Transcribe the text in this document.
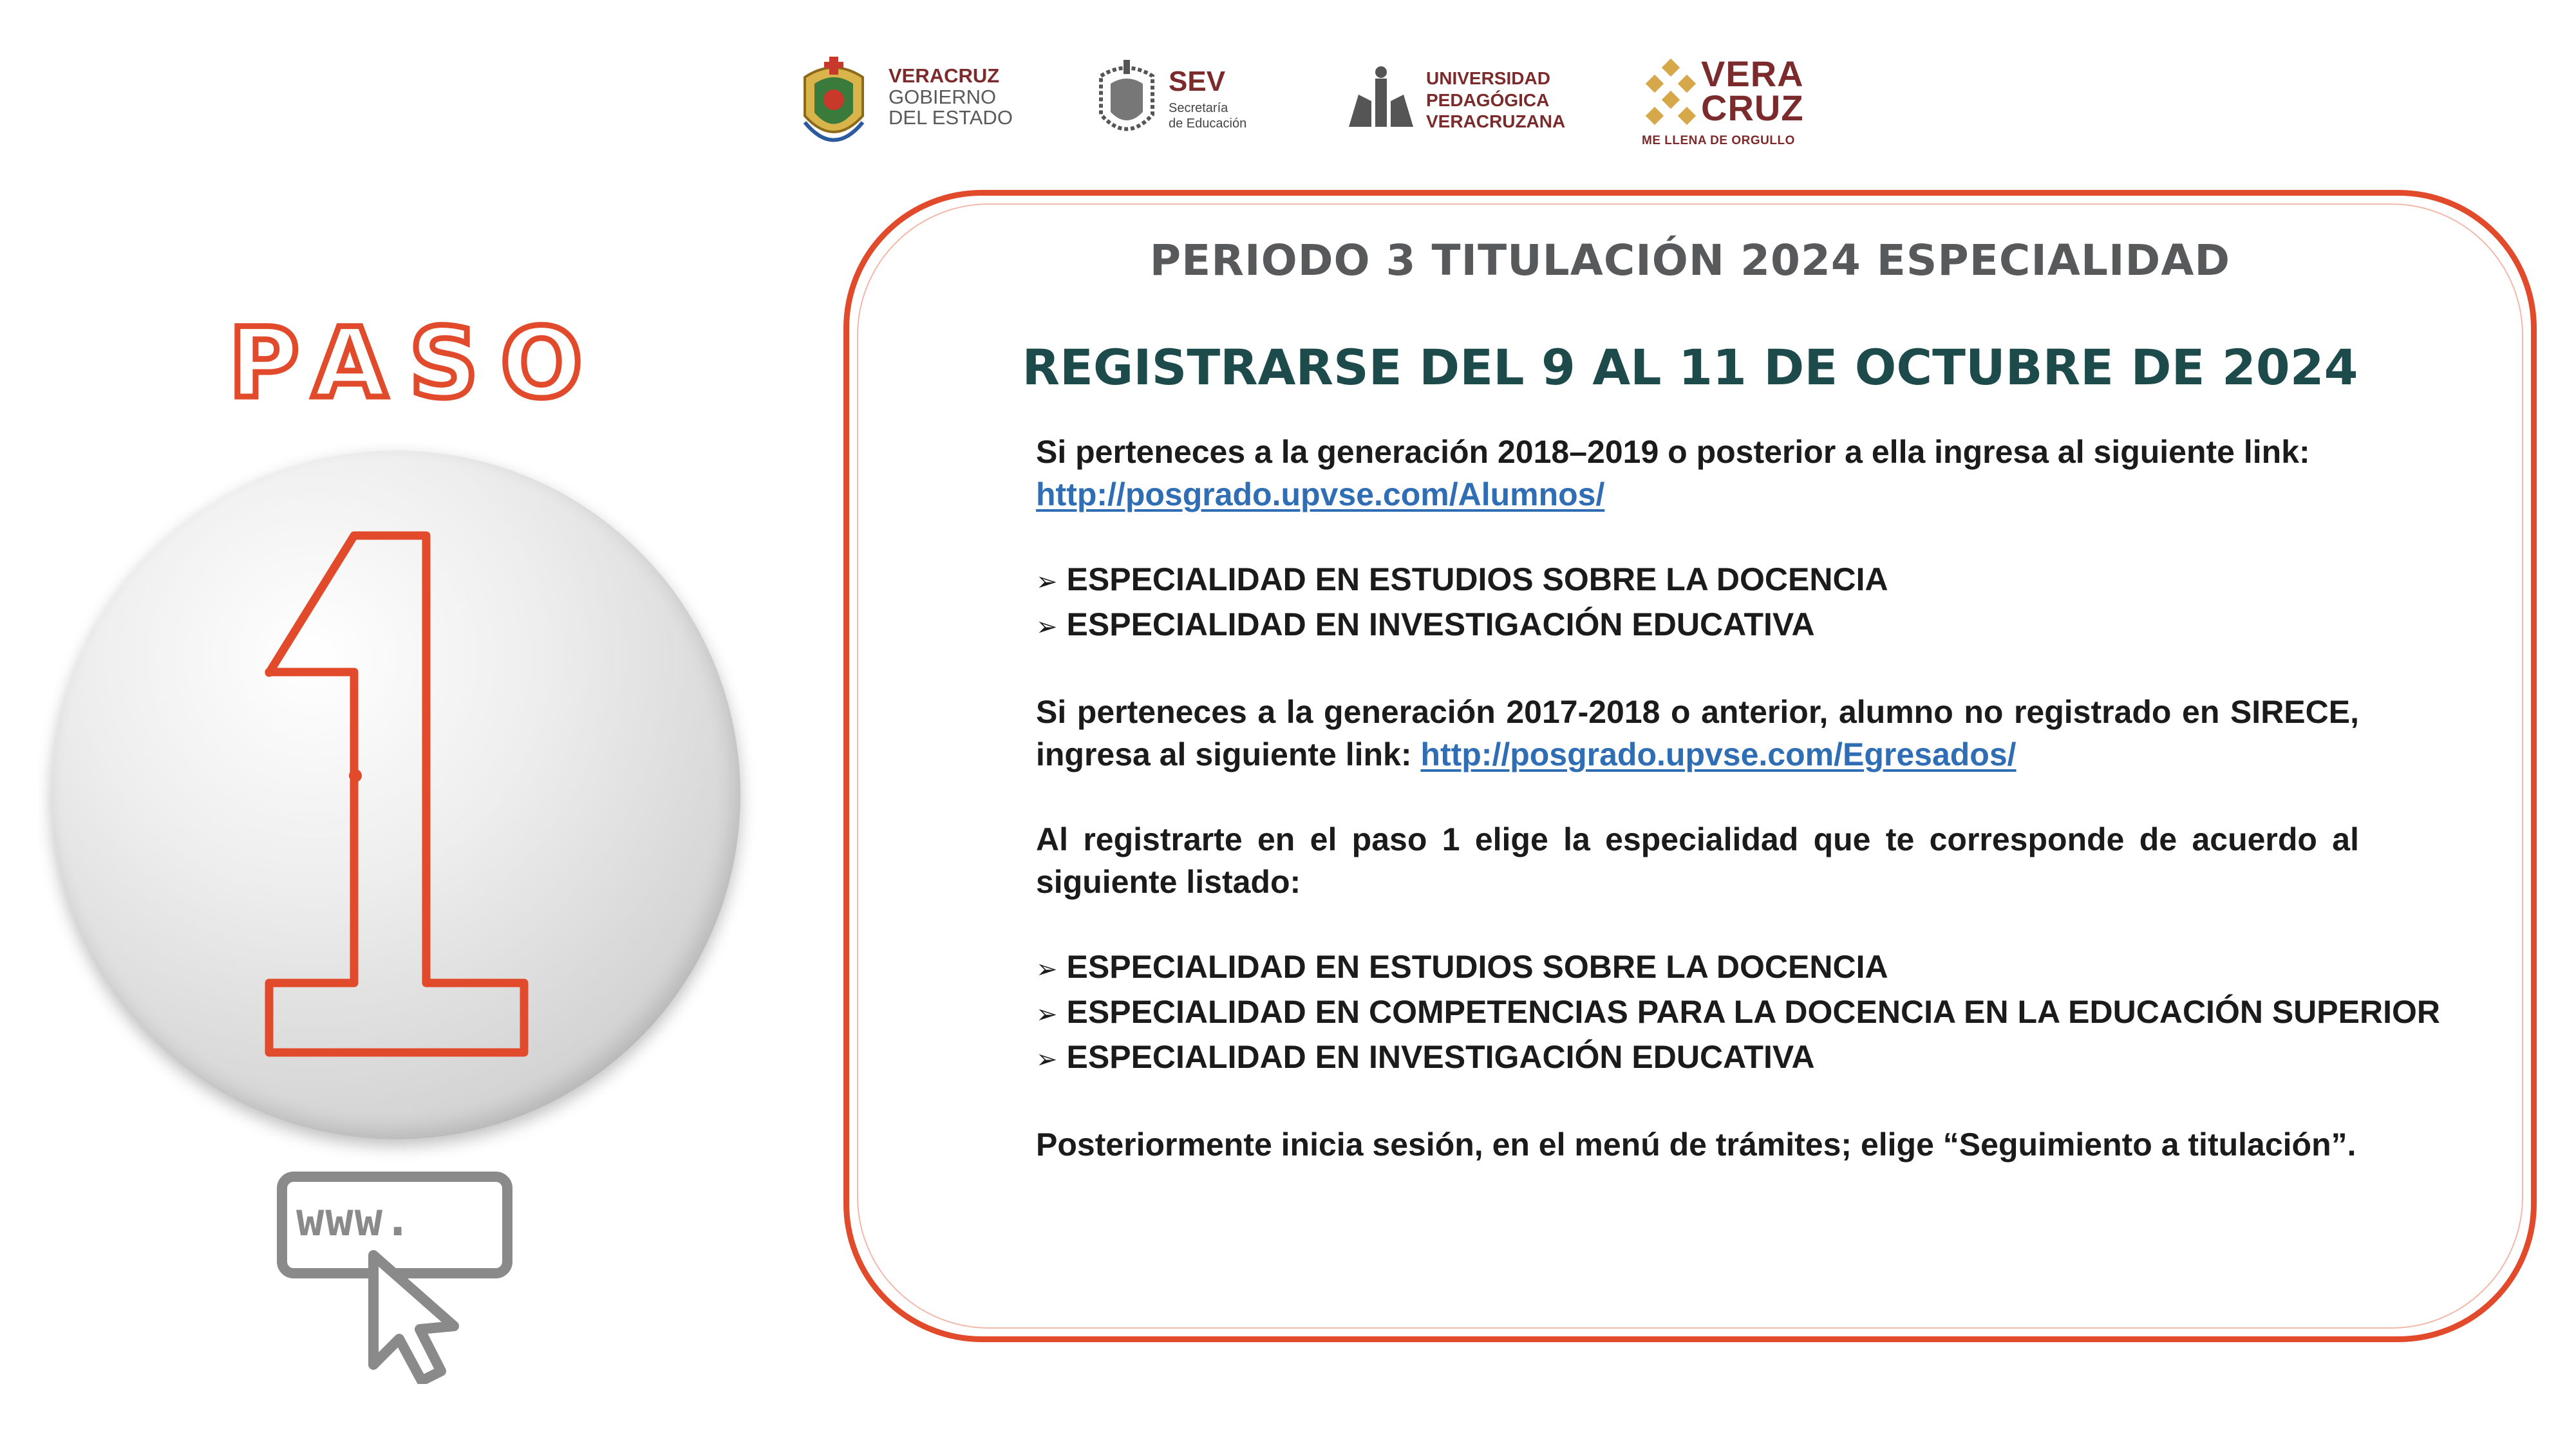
VERACRUZ
GOBIERNO
DEL ESTADO
SEV
Secretaría
de Educación
UNIVERSIDAD
PEDAGÓGICA
VERACRUZANA
VERA
CRUZ
ME LLENA DE ORGULLO
PASO
www.
PERIODO 3 TITULACIÓN 2024 ESPECIALIDAD
REGISTRARSE DEL 9 AL 11 DE OCTUBRE DE 2024

Si perteneces a la generación 2018–2019 o posterior a ella ingresa al siguiente link:
http://posgrado.upvse.com/Alumnos/

➢ ESPECIALIDAD EN ESTUDIOS SOBRE LA DOCENCIA
➢ ESPECIALIDAD EN INVESTIGACIÓN EDUCATIVA

Si perteneces a la generación 2017-2018 o anterior, alumno no registrado en SIRECE, ingresa al siguiente link: http://posgrado.upvse.com/Egresados/

Al registrarte en el paso 1 elige la especialidad que te corresponde de acuerdo al siguiente listado:

➢ ESPECIALIDAD EN ESTUDIOS SOBRE LA DOCENCIA
➢ ESPECIALIDAD EN COMPETENCIAS PARA LA DOCENCIA EN LA EDUCACIÓN SUPERIOR
➢ ESPECIALIDAD EN INVESTIGACIÓN EDUCATIVA

Posteriormente inicia sesión, en el menú de trámites; elige “Seguimiento a titulación”.
